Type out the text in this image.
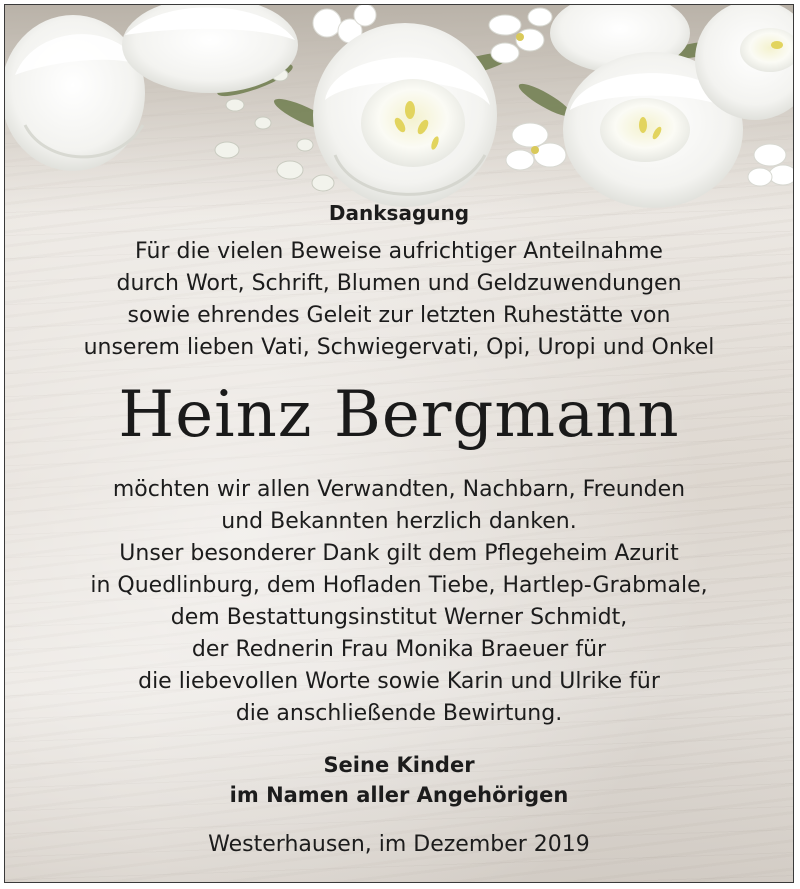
Danksagung

Für die vielen Beweise aufrichtiger Anteilnahme
durch Wort, Schrift, Blumen und Geldzuwendungen
sowie ehrendes Geleit zur letzten Ruhestätte von
unserem lieben Vati, Schwiegervati, Opi, Uropi und Onkel

Heinz Bergmann

möchten wir allen Verwandten, Nachbarn, Freunden
und Bekannten herzlich danken.
Unser besonderer Dank gilt dem Pflegeheim Azurit
in Quedlinburg, dem Hofladen Tiebe, Hartlep-Grabmale,
dem Bestattungsinstitut Werner Schmidt,
der Rednerin Frau Monika Braeuer für
die liebevollen Worte sowie Karin und Ulrike für
die anschließende Bewirtung.

Seine Kinder
im Namen aller Angehörigen
Westerhausen, im Dezember 2019
